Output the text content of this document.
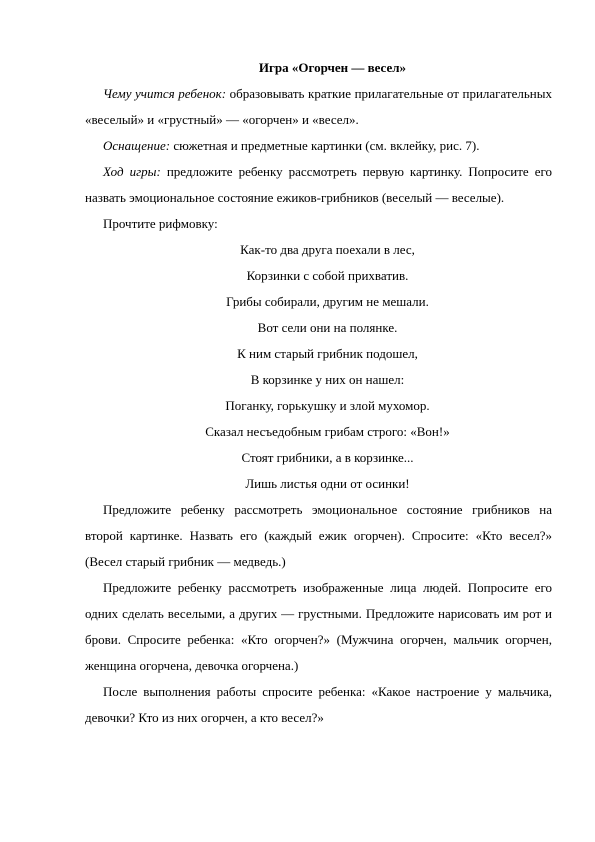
Игра «Огорчен — весел»

Чему учится ребенок: образовывать краткие прилагательные от прилагательных «веселый» и «грустный» — «огорчен» и «весел».

Оснащение: сюжетная и предметные картинки (см. вклейку, рис. 7).

Ход игры: предложите ребенку рассмотреть первую картинку. Попросите его назвать эмоциональное состояние ежиков-грибников (веселый — веселые).

Прочтите рифмовку:

Как-то два друга поехали в лес,
Корзинки с собой прихватив.
Грибы собирали, другим не мешали.
Вот сели они на полянке.
К ним старый грибник подошел,
В корзинке у них он нашел:
Поганку, горькушку и злой мухомор.
Сказал несъедобным грибам строго: «Вон!»
Стоят грибники, а в корзинке...
Лишь листья одни от осинки!

Предложите ребенку рассмотреть эмоциональное состояние грибников на второй картинке. Назвать его (каждый ежик огорчен). Спросите: «Кто весел?» (Весел старый грибник — медведь.)

Предложите ребенку рассмотреть изображенные лица людей. Попросите его одних сделать веселыми, а других — грустными. Предложите нарисовать им рот и брови. Спросите ребенка: «Кто огорчен?» (Мужчина огорчен, мальчик огорчен, женщина огорчена, девочка огорчена.)

После выполнения работы спросите ребенка: «Какое настроение у мальчика, девочки? Кто из них огорчен, а кто весел?»
